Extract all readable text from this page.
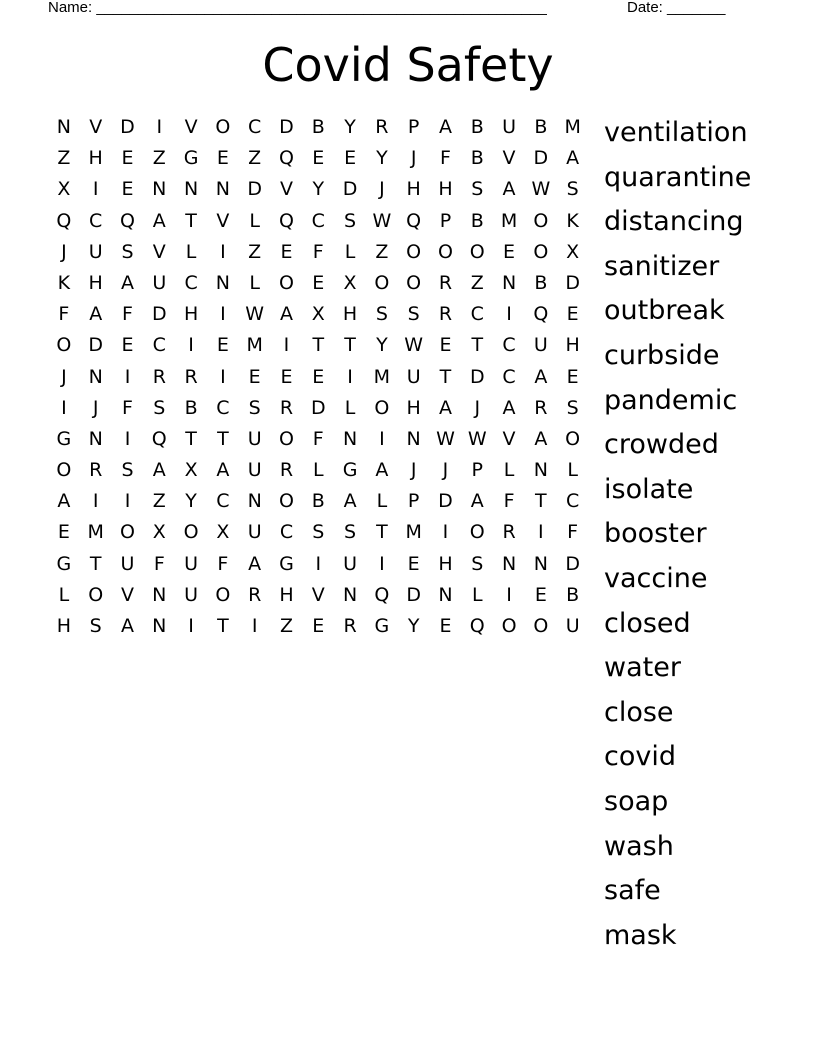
Name: ______________________________________________________	Date: _______
Covid Safety
N V D	I	V O C D B	Y	R	P	A B U B M
Z H E	Z G E	Z Q E	E	Y	J	F	B V D A
X	I	E N N N D V	Y D	J	H H S	A W S
Q C Q A	T	V	L	Q C	S W Q P	B M O K
J	U S	V	L	I	Z	E	F	L	Z O O O E O X
K H A U C N	L	O E	X O O R Z N B D
F	A	F	D H	I	W A X H S	S	R C	I	Q E
O D E	C	I	E M	I	T	T	Y W E	T	C U H
J	N	I	R R	I	E	E	E	I	M U	T D C A	E
I	J	F	S	B C	S	R D	L	O H A	J	A R	S
G N	I	Q T	T	U O F	N	I	N W W V A O
O R	S	A X A U R	L	G A	J	J	P	L	N	L
A	I	I	Z	Y	C N O B A	L	P D A	F	T	C
E M O X O X U C	S	S	T M	I	O R	I	F
G T	U	F	U	F	A G	I	U	I	E H S N N D
L	O V N U O R H V N Q D N	L	I	E	B
H S	A N	I	T	I	Z	E	R G Y	E Q O O U
ventilation
quarantine
distancing
sanitizer
outbreak
curbside
pandemic
crowded
isolate
booster
vaccine
closed
water
close
covid
soap
wash
safe
mask
